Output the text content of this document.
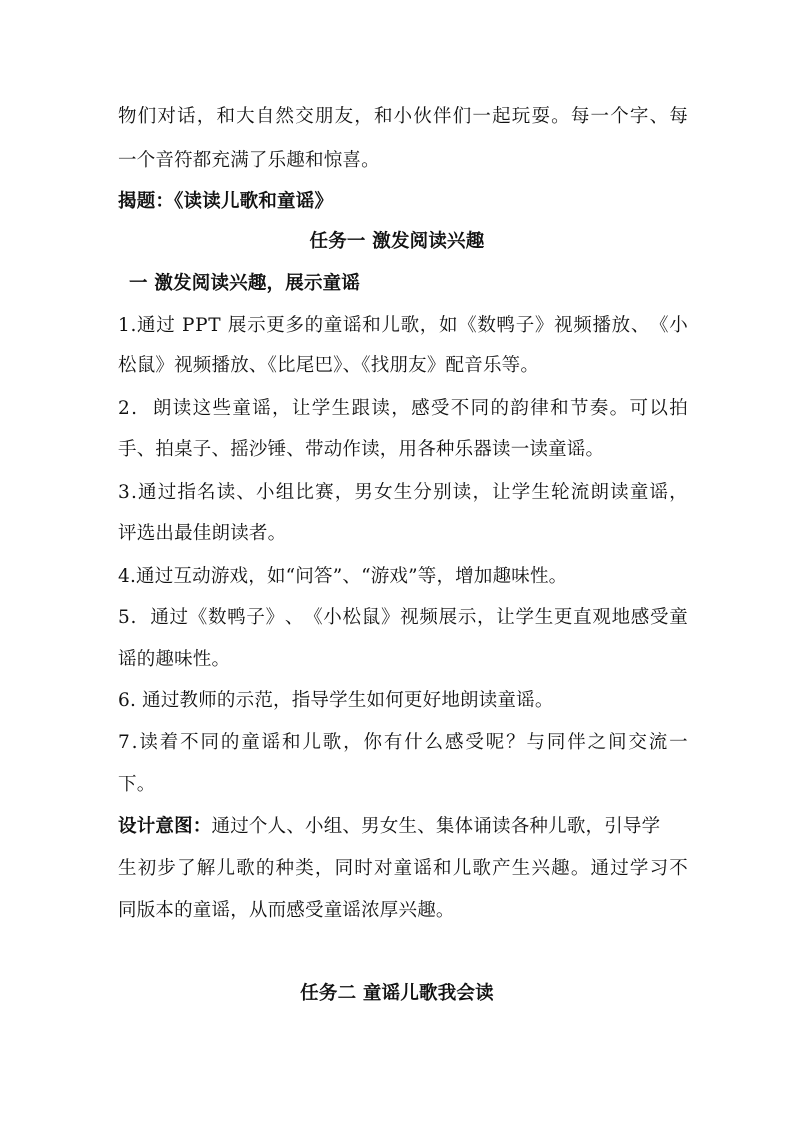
物 们 对 话 ， 和 大 自 然 交 朋 友 ， 和 小 伙 伴 们 一 起 玩 耍 。 每 一 个 字 、 每
一个音符都充满了乐趣和惊喜。
揭题：《读读儿歌和童谣》
任务一 激发阅读兴趣
一 激发阅读兴趣，展示童谣
1 . 通 过
P P T
展 示 更 多 的 童 谣 和 儿 歌 ， 如 《 数 鸭 子 》 视 频 播 放 、 《 小
松鼠》视频播放、《比尾巴》、《找朋友》配音乐等。
2 .

朗 读 这 些 童 谣 ， 让 学 生 跟 读 ， 感 受 不 同 的 韵 律 和 节 奏 。 可 以 拍
手、拍桌子、摇沙锤、带动作读，用各种乐器读一读童谣。
3 . 通 过 指 名 读 、 小 组 比 赛 ， 男 女 生 分 别 读 ， 让 学 生 轮 流 朗 读 童 谣 ，
评选出最佳朗读者。
4.通过互动游戏，如“问答”、“游戏”等，增加趣味性。
5 .

通 过 《 数 鸭 子 》 、 《 小 松 鼠 》 视 频 展 示 ， 让 学 生 更 直 观 地 感 受 童
谣的趣味性。
6. 通过教师的示范，指导学生如何更好地朗读童谣。
7 . 读 着 不 同 的 童 谣 和 儿 歌 ， 你 有 什 么 感 受 呢 ？ 与 同 伴 之 间 交 流 一
下。
设计意图：通过个人、小组、男女生、集体诵读各种儿歌，引导学
生 初 步 了 解 儿 歌 的 种 类 ， 同 时 对 童 谣 和 儿 歌 产 生 兴 趣 。 通 过 学 习 不
同版本的童谣，从而感受童谣浓厚兴趣。
任务二 童谣儿歌我会读
